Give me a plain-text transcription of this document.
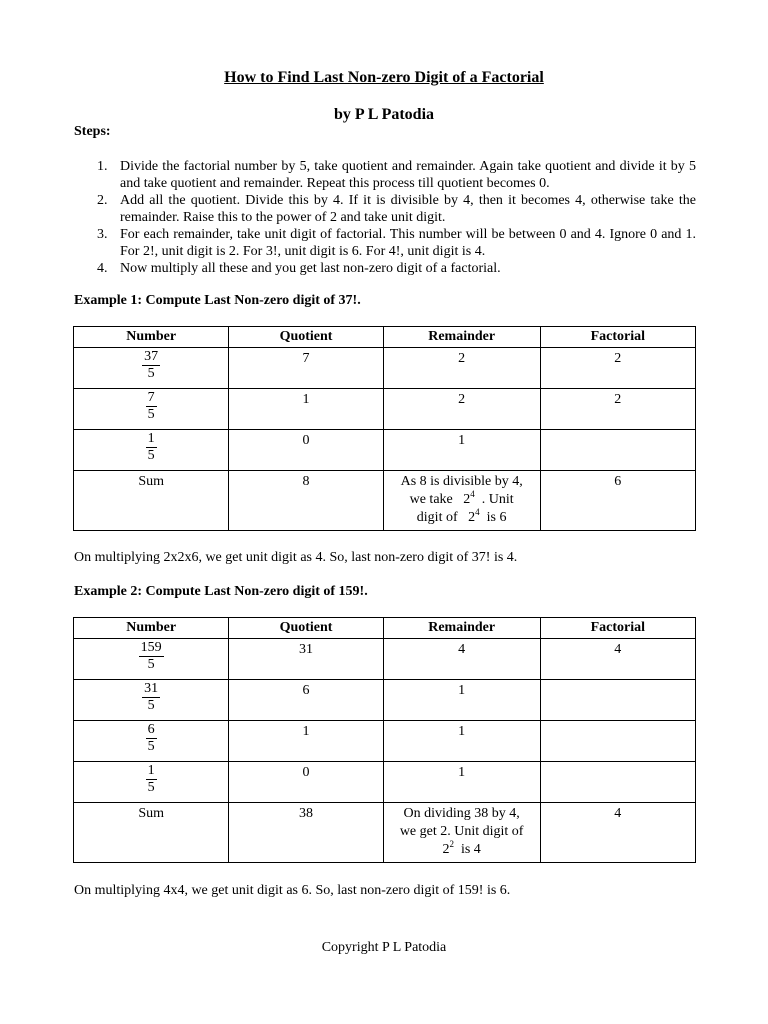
How to Find Last Non-zero Digit of a Factorial
by P L Patodia
Steps:
1. Divide the factorial number by 5, take quotient and remainder. Again take quotient and divide it by 5 and take quotient and remainder. Repeat this process till quotient becomes 0.
2. Add all the quotient. Divide this by 4. If it is divisible by 4, then it becomes 4, otherwise take the remainder. Raise this to the power of 2 and take unit digit.
3. For each remainder, take unit digit of factorial. This number will be between 0 and 4. Ignore 0 and 1. For 2!, unit digit is 2. For 3!, unit digit is 6. For 4!, unit digit is 4.
4. Now multiply all these and you get last non-zero digit of a factorial.
Example 1: Compute Last Non-zero digit of 37!.
Number	Quotient	Remainder	Factorial

$\frac{37}{5}$	7	2	2

$\frac{7}{5}$	1	2	2

$\frac{1}{5}$	0	1	
Sum	8	As 8 is divisible by 4,
we take $2^4$ . Unit
digit of $2^4$ is 6	6
On multiplying 2x2x6, we get unit digit as 4. So, last non-zero digit of 37! is 4.
Example 2: Compute Last Non-zero digit of 159!.
Number	Quotient	Remainder	Factorial

$\frac{159}{5}$	31	4	4

$\frac{31}{5}$	6	1	

$\frac{6}{5}$	1	1	

$\frac{1}{5}$	0	1	
Sum	38	On dividing 38 by 4,
we get 2. Unit digit of
$2^2$ is 4	4
On multiplying 4x4, we get unit digit as 6. So, last non-zero digit of 159! is 6.
Copyright P L Patodia
